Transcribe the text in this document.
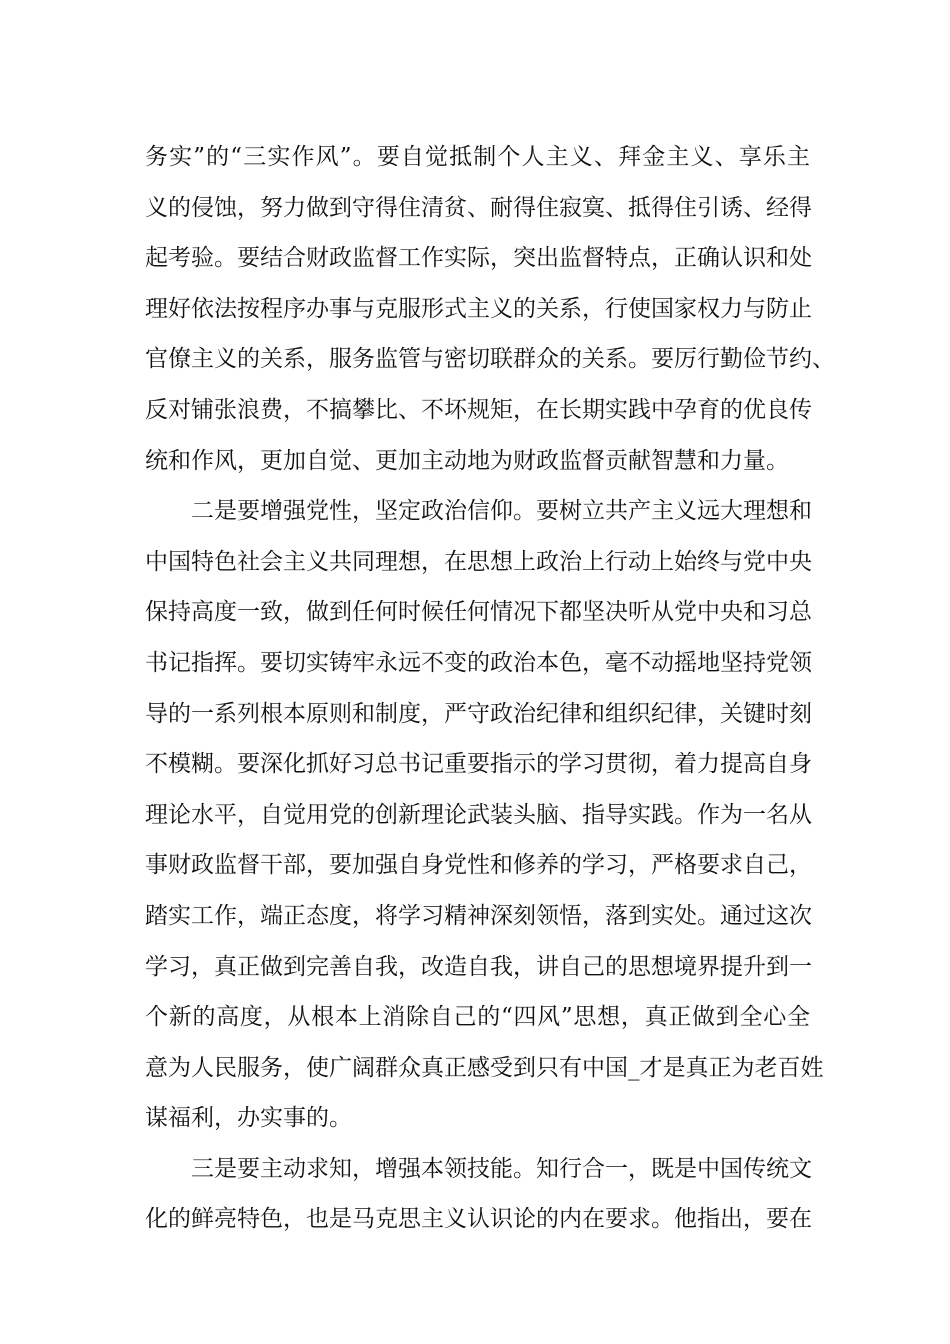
务实”的“三实作风”。要自觉抵制个人主义、拜金主义、享乐主
义的侵蚀，努力做到守得住清贫、耐得住寂寞、抵得住引诱、经得
起考验。要结合财政监督工作实际，突出监督特点，正确认识和处
理好依法按程序办事与克服形式主义的关系，行使国家权力与防止
官僚主义的关系，服务监管与密切联群众的关系。要厉行勤俭节约、
反对铺张浪费，不搞攀比、不坏规矩，在长期实践中孕育的优良传
统和作风，更加自觉、更加主动地为财政监督贡献智慧和力量。
二是要增强党性，坚定政治信仰。要树立共产主义远大理想和
中国特色社会主义共同理想，在思想上政治上行动上始终与党中央
保持高度一致，做到任何时候任何情况下都坚决听从党中央和习总
书记指挥。要切实铸牢永远不变的政治本色，毫不动摇地坚持党领
导的一系列根本原则和制度，严守政治纪律和组织纪律，关键时刻
不模糊。要深化抓好习总书记重要指示的学习贯彻，着力提高自身
理论水平，自觉用党的创新理论武装头脑、指导实践。作为一名从
事财政监督干部，要加强自身党性和修养的学习，严格要求自己，
踏实工作，端正态度，将学习精神深刻领悟，落到实处。通过这次
学习，真正做到完善自我，改造自我，讲自己的思想境界提升到一
个新的高度，从根本上消除自己的“四风”思想，真正做到全心全
意为人民服务，使广阔群众真正感受到只有中国_才是真正为老百姓
谋福利，办实事的。
三是要主动求知，增强本领技能。知行合一，既是中国传统文
化的鲜亮特色，也是马克思主义认识论的内在要求。他指出，要在
